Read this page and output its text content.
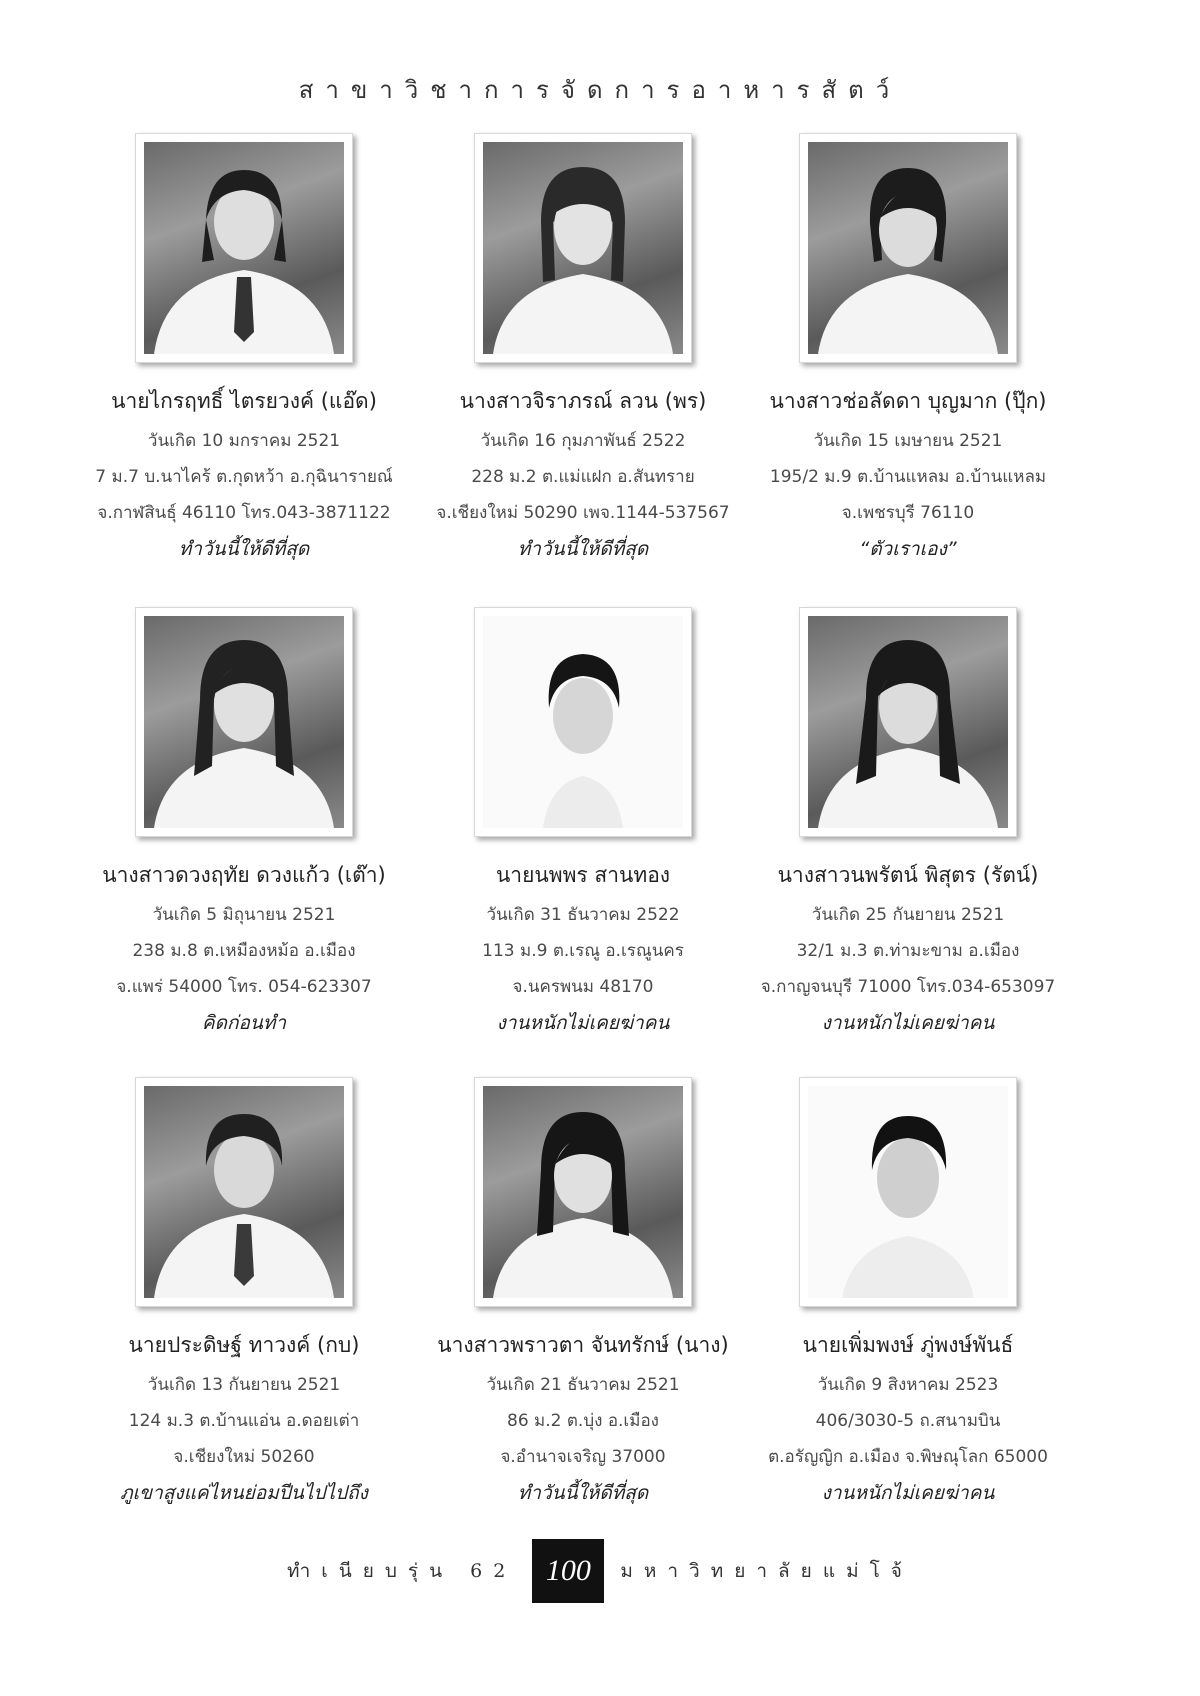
สาขาวิชาการจัดการอาหารสัตว์
นายไกรฤทธิ์ ไตรยวงค์ (แอ๊ด)
วันเกิด 10 มกราคม 2521
7 ม.7 บ.นาไคร้ ต.กุดหว้า อ.กุฉินารายณ์
จ.กาฬสินธุ์ 46110 โทร.043-3871122
ทำวันนี้ให้ดีที่สุด
นางสาวจิราภรณ์ ลวน (พร)
วันเกิด 16 กุมภาพันธ์ 2522
228 ม.2 ต.แม่แฝก อ.สันทราย
จ.เชียงใหม่ 50290 เพจ.1144-537567
ทำวันนี้ให้ดีที่สุด
นางสาวช่อลัดดา บุญมาก (ปุ๊ก)
วันเกิด 15 เมษายน 2521
195/2 ม.9 ต.บ้านแหลม อ.บ้านแหลม
จ.เพชรบุรี 76110
“ตัวเราเอง”
นางสาวดวงฤทัย ดวงแก้ว (เต๊า)
วันเกิด 5 มิถุนายน 2521
238 ม.8 ต.เหมืองหม้อ อ.เมือง
จ.แพร่ 54000 โทร. 054-623307
คิดก่อนทำ
นายนพพร สานทอง
วันเกิด 31 ธันวาคม 2522
113 ม.9 ต.เรณู อ.เรณูนคร
จ.นครพนม 48170
งานหนักไม่เคยฆ่าคน
นางสาวนพรัตน์ พิสุตร (รัตน์)
วันเกิด 25 กันยายน 2521
32/1 ม.3 ต.ท่ามะขาม อ.เมือง
จ.กาญจนบุรี 71000 โทร.034-653097
งานหนักไม่เคยฆ่าคน
นายประดิษฐ์ ทาวงค์ (กบ)
วันเกิด 13 กันยายน 2521
124 ม.3 ต.บ้านแอ่น อ.ดอยเต่า
จ.เชียงใหม่ 50260
ภูเขาสูงแค่ไหนย่อมปีนไปไปถึง
นางสาวพราวตา จันทรักษ์ (นาง)
วันเกิด 21 ธันวาคม 2521
86 ม.2 ต.บุ่ง อ.เมือง
จ.อำนาจเจริญ 37000
ทำวันนี้ให้ดีที่สุด
นายเพิ่มพงษ์ ภู่พงษ์พันธ์
วันเกิด 9 สิงหาคม 2523
406/3030-5 ถ.สนามบิน
ต.อรัญญิก อ.เมือง จ.พิษณุโลก 65000
งานหนักไม่เคยฆ่าคน
ทำเนียบรุ่น 62 100	มหาวิทยาลัยแม่โจ้
